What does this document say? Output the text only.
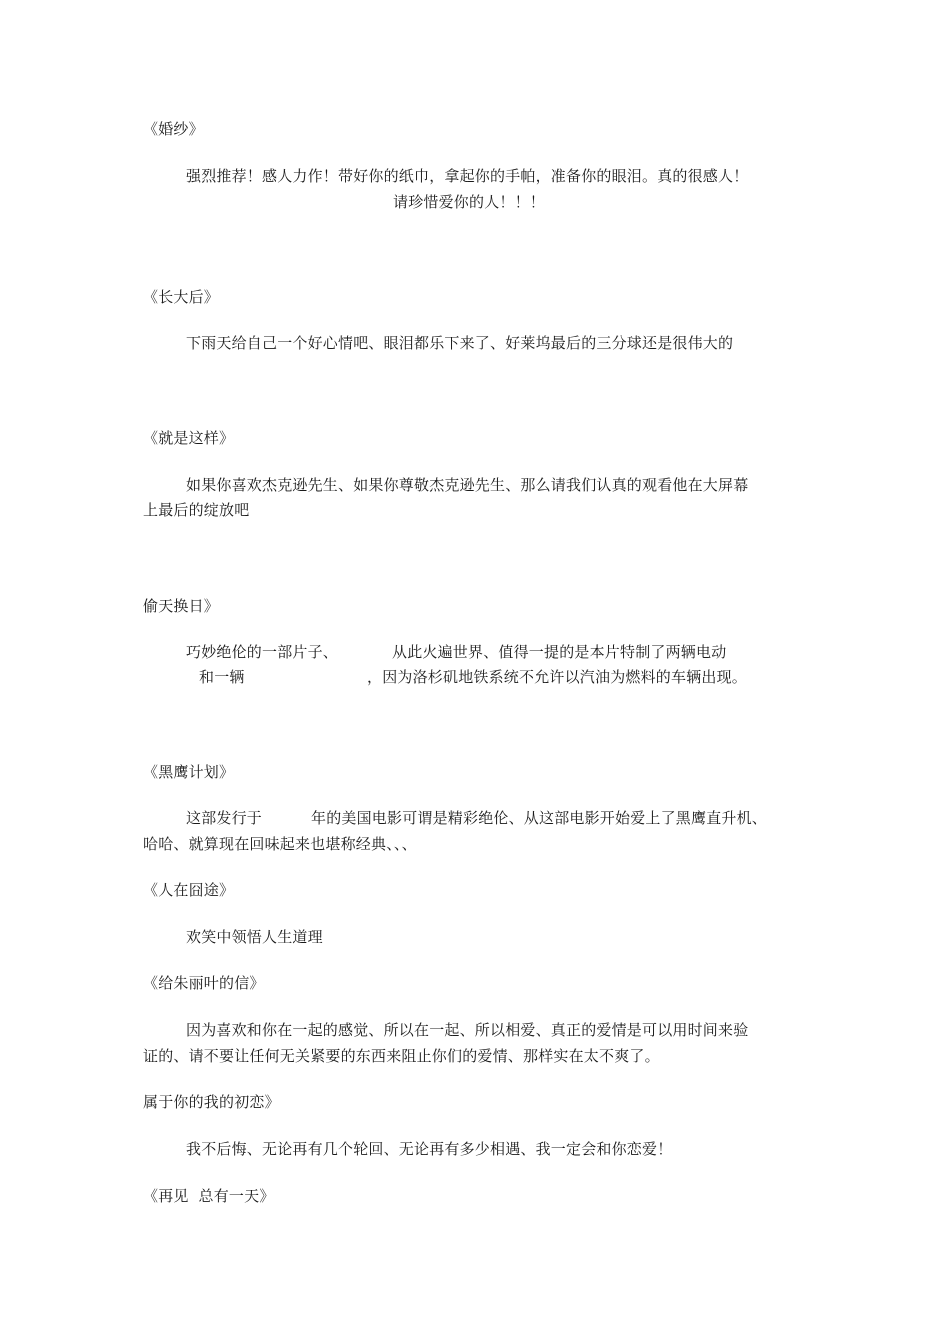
《婚纱》
强烈推荐！感人力作！带好你的纸巾，拿起你的手帕，准备你的眼泪。真的很感人！
请珍惜爱你的人！！！
《长大后》
下雨天给自己一个好心情吧、眼泪都乐下来了、好莱坞最后的三分球还是很伟大的
《就是这样》
如果你喜欢杰克逊先生、如果你尊敬杰克逊先生、那么请我们认真的观看他在大屏幕
上最后的绽放吧
偷天换日》
巧妙绝伦的一部片子、	从此火遍世界、值得一提的是本片特制了两辆电动
和一辆	，因为洛杉矶地铁系统不允许以汽油为燃料的车辆出现。
《黑鹰计划》
这部发行于	年的美国电影可谓是精彩绝伦、从这部电影开始爱上了黑鹰直升机、
哈哈、就算现在回味起来也堪称经典、、、
《人在囧途》
欢笑中领悟人生道理
《给朱丽叶的信》
因为喜欢和你在一起的感觉、所以在一起、所以相爱、真正的爱情是可以用时间来验
证的、请不要让任何无关紧要的东西来阻止你们的爱情、那样实在太不爽了。
属于你的我的初恋》
我不后悔、无论再有几个轮回、无论再有多少相遇、我一定会和你恋爱！
《再见  总有一天》
